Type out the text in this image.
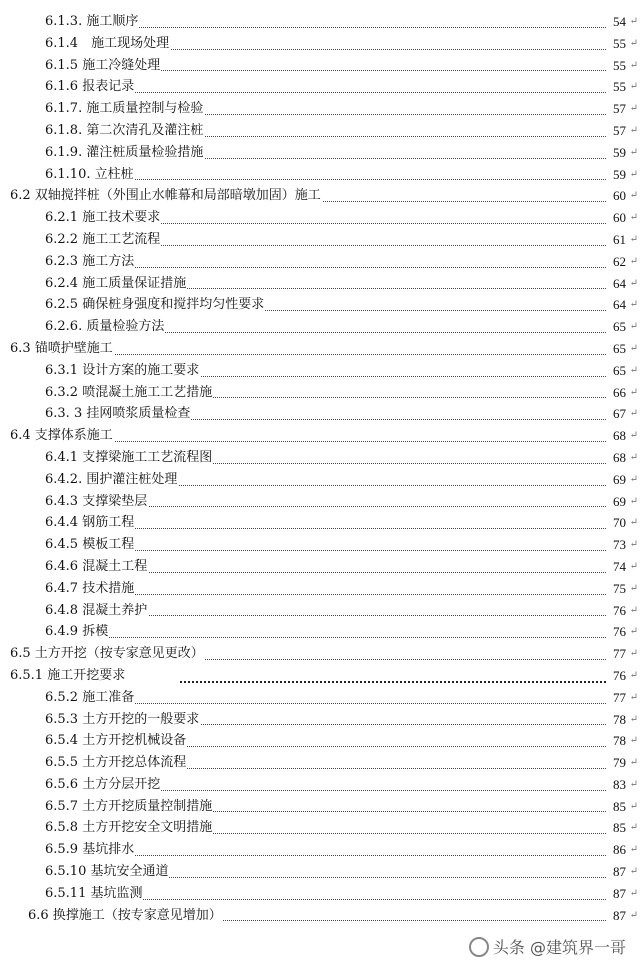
6.1.3. 施工顺序	54 ↵
6.1.4　施工现场处理	55 ↵
6.1.5 施工冷缝处理	55 ↵
6.1.6 报表记录	55 ↵
6.1.7. 施工质量控制与检验	57 ↵
6.1.8. 第二次清孔及灌注桩	57 ↵
6.1.9. 灌注桩质量检验措施	59 ↵
6.1.10. 立柱桩	59 ↵
6.2 双轴搅拌桩（外围止水帷幕和局部暗墩加固）施工	60 ↵
6.2.1 施工技术要求	60 ↵
6.2.2 施工工艺流程	61 ↵
6.2.3 施工方法	62 ↵
6.2.4 施工质量保证措施	64 ↵
6.2.5 确保桩身强度和搅拌均匀性要求	64 ↵
6.2.6. 质量检验方法	65 ↵
6.3 锚喷护壁施工	65 ↵
6.3.1 设计方案的施工要求	65 ↵
6.3.2 喷混凝土施工工艺措施	66 ↵
6.3. 3 挂网喷浆质量检查	67 ↵
6.4 支撑体系施工	68 ↵
6.4.1 支撑梁施工工艺流程图	68 ↵
6.4.2. 围护灌注桩处理	69 ↵
6.4.3 支撑梁垫层	69 ↵
6.4.4 钢筋工程	70 ↵
6.4.5 模板工程	73 ↵
6.4.6 混凝土工程	74 ↵
6.4.7 技术措施	75 ↵
6.4.8 混凝土养护	76 ↵
6.4.9 拆模	76 ↵
6.5 土方开挖（按专家意见更改）	77 ↵
6.5.1 施工开挖要求	76 ↵
6.5.2 施工准备	77 ↵
6.5.3 土方开挖的一般要求	78 ↵
6.5.4 土方开挖机械设备	78 ↵
6.5.5 土方开挖总体流程	79 ↵
6.5.6 土方分层开挖	83 ↵
6.5.7 土方开挖质量控制措施	85 ↵
6.5.8 土方开挖安全文明措施	85 ↵
6.5.9 基坑排水	86 ↵
6.5.10 基坑安全通道	87 ↵
6.5.11 基坑监测	87 ↵
6.6 换撑施工（按专家意见增加）	87 ↵
头条 @建筑界一哥
